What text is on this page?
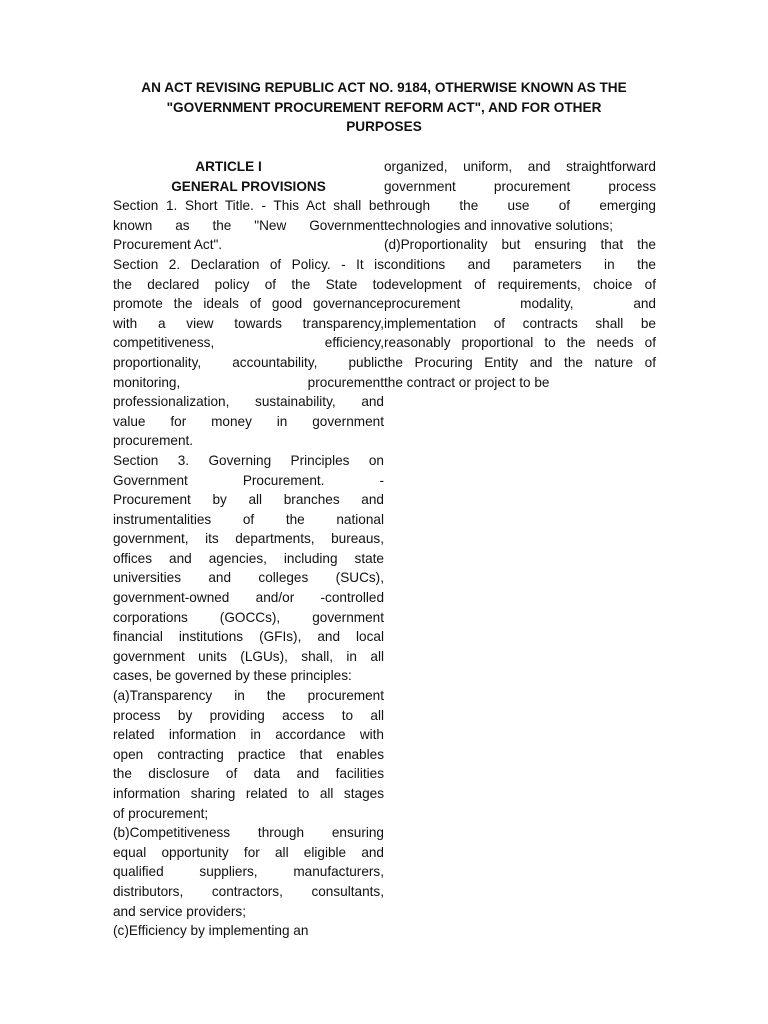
AN ACT REVISING REPUBLIC ACT NO. 9184, OTHERWISE KNOWN AS THE
"GOVERNMENT PROCUREMENT REFORM ACT", AND FOR OTHER
PURPOSES
ARTICLE I
GENERAL PROVISIONS
Section 1. Short Title. - This Act shall be
known as the "New Government
Procurement Act".
Section 2. Declaration of Policy. - It is
the declared policy of the State to
promote the ideals of good governance
with a view towards transparency,
competitiveness, efficiency,
proportionality, accountability, public
monitoring, procurement
professionalization, sustainability, and
value for money in government
procurement.
Section 3. Governing Principles on
Government Procurement. -
Procurement by all branches and
instrumentalities of the national
government, its departments, bureaus,
offices and agencies, including state
universities and colleges (SUCs),
government-owned and/or -controlled
corporations (GOCCs), government
financial institutions (GFIs), and local
government units (LGUs), shall, in all
cases, be governed by these principles:
(a)Transparency in the procurement
process by providing access to all
related information in accordance with
open contracting practice that enables
the disclosure of data and facilities
information sharing related to all stages
of procurement;
(b)Competitiveness through ensuring
equal opportunity for all eligible and
qualified suppliers, manufacturers,
distributors, contractors, consultants,
and service providers;
(c)Efficiency by implementing an
organized, uniform, and straightforward
government procurement process
through the use of emerging
technologies and innovative solutions;
(d)Proportionality but ensuring that the
conditions and parameters in the
development of requirements, choice of
procurement modality, and
implementation of contracts shall be
reasonably proportional to the needs of
the Procuring Entity and the nature of
the contract or project to be
